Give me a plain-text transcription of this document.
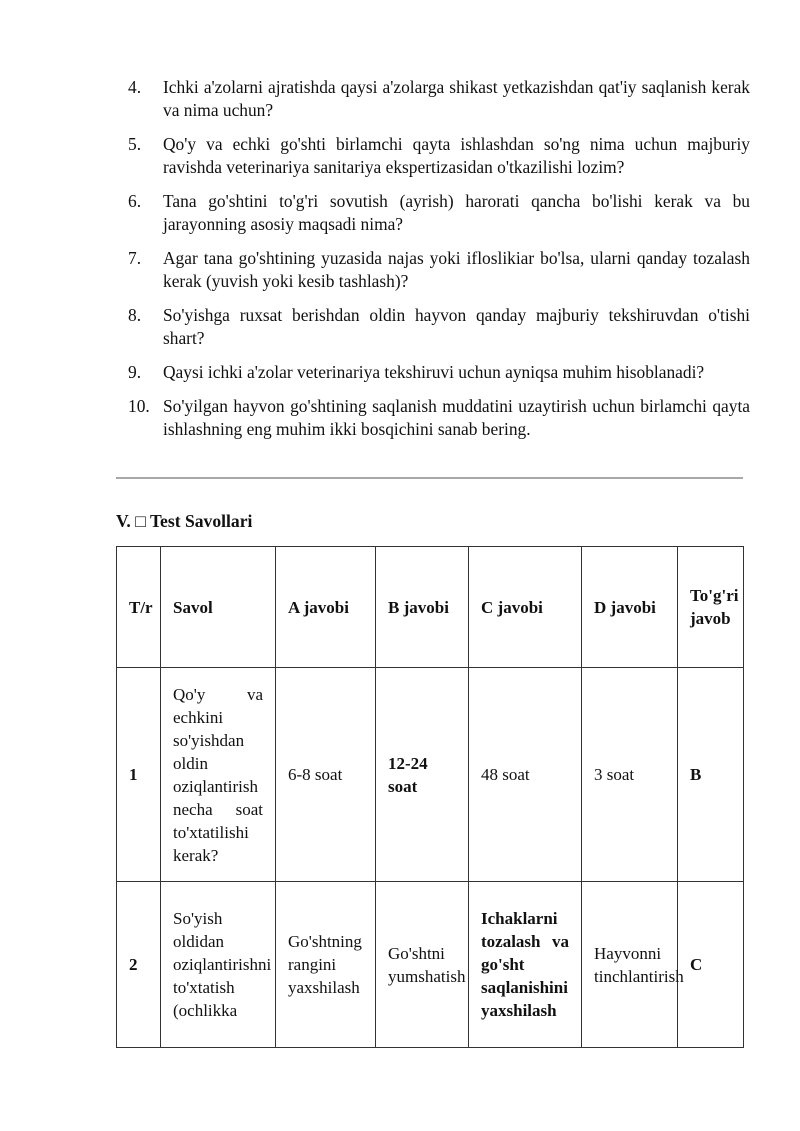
4.	Ichki a'zolarni ajratishda qaysi a'zolarga shikast yetkazishdan qat'iy saqlanish kerak va nima uchun?
5.	Qo'y va echki go'shti birlamchi qayta ishlashdan so'ng nima uchun majburiy ravishda veterinariya sanitariya ekspertizasidan o'tkazilishi lozim?
6.	Tana go'shtini to'g'ri sovutish (ayrish) harorati qancha bo'lishi kerak va bu jarayonning asosiy maqsadi nima?
7.	Agar tana go'shtining yuzasida najas yoki ifloslikiar bo'lsa, ularni qanday tozalash kerak (yuvish yoki kesib tashlash)?
8.	So'yishga ruxsat berishdan oldin hayvon qanday majburiy tekshiruvdan o'tishi shart?
9.	Qaysi ichki a'zolar veterinariya tekshiruvi uchun ayniqsa muhim hisoblanadi?
10. So'yilgan hayvon go'shtining saqlanish muddatini uzaytirish uchun birlamchi qayta ishlashning eng muhim ikki bosqichini sanab bering.
V. □ Test Savollari
T/r	Savol	A javobi	B javobi	C javobi	D javobi	To'g'ri javob
1	Qo'y va echkini so'yishdan oldin oziqlantirish necha soat to'xtatilishi kerak?	6-8 soat	12-24 soat	48 soat	3 soat	B
2	So'yish oldidan oziqlantirishni to'xtatish (ochlikka	Go'shtning rangini yaxshilash	Go'shtni yumshatish	Ichaklarni tozalash va go'sht saqlanishini yaxshilash	Hayvonni tinchlantirish	C
